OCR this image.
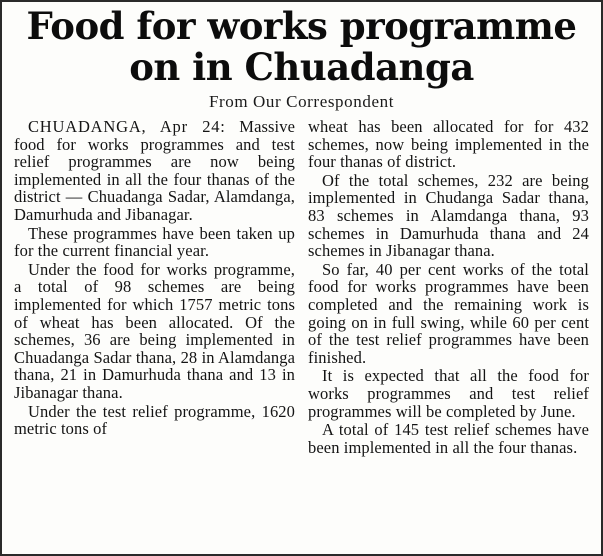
Food for works programme
on in Chuadanga
From Our Correspondent

CHUADANGA, Apr 24: Massive food for works programmes and test relief programmes are now being implemented in all the four thanas of the district — Chuadanga Sadar, Alamdanga, Damurhuda and Jibanagar.

These programmes have been taken up for the current financial year.

Under the food for works programme, a total of 98 schemes are being implemented for which 1757 metric tons of wheat has been allocated. Of the schemes, 36 are being implemented in Chuadanga Sadar thana, 28 in Alamdanga thana, 21 in Damurhuda thana and 13 in Jibanagar thana.

Under the test relief programme, 1620 metric tons of

wheat has been allocated for for 432 schemes, now being implemented in the four thanas of district.

Of the total schemes, 232 are being implemented in Chudanga Sadar thana, 83 schemes in Alamdanga thana, 93 schemes in Damurhuda thana and 24 schemes in Jibanagar thana.

So far, 40 per cent works of the total food for works programmes have been completed and the remaining work is going on in full swing, while 60 per cent of the test relief programmes have been finished.

It is expected that all the food for works programmes and test relief programmes will be completed by June.

A total of 145 test relief schemes have been implemented in all the four thanas.
